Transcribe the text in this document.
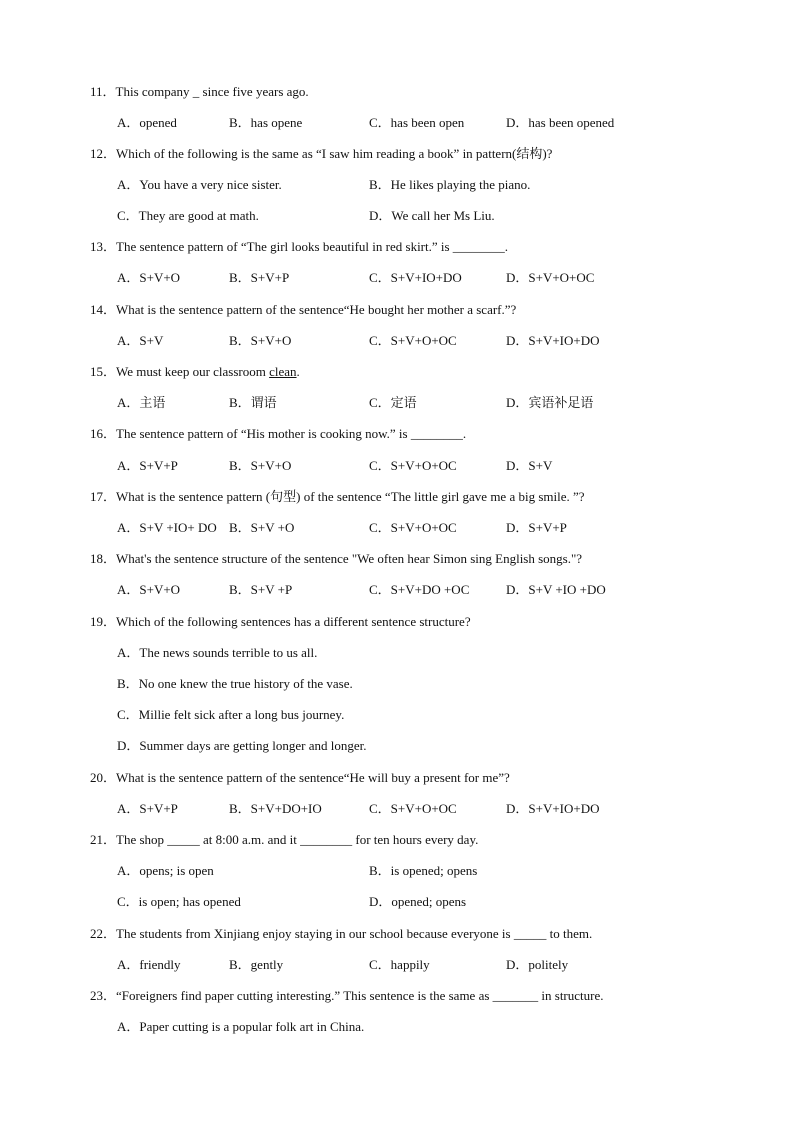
11．This company _ since five years ago.
A．opened	B．has opene	C．has been open	D．has been opened
12．Which of the following is the same as “I saw him reading a book” in pattern(结构)?
A．You have a very nice sister.	B．He likes playing the piano.
C．They are good at math.	D．We call her Ms Liu.
13．The sentence pattern of “The girl looks beautiful in red skirt.” is ________.
A．S+V+O	B．S+V+P	C．S+V+IO+DO	D．S+V+O+OC
14．What is the sentence pattern of the sentence“He bought her mother a scarf.”?
A．S+V	B．S+V+O	C．S+V+O+OC	D．S+V+IO+DO
15．We must keep our classroom clean.
A．主语	B．谓语	C．定语	D．宾语补足语
16．The sentence pattern of “His mother is cooking now.” is ________.
A．S+V+P	B．S+V+O	C．S+V+O+OC	D．S+V
17．What is the sentence pattern (句型) of the sentence “The little girl gave me a big smile. ”?
A．S+V +IO+ DO B．S+V +O	C．S+V+O+OC	D．S+V+P
18．What's the sentence structure of the sentence "We often hear Simon sing English songs."?
A．S+V+O	B．S+V +P	C．S+V+DO +OC	D．S+V +IO +DO
19．Which of the following sentences has a different sentence structure?
A．The news sounds terrible to us all.
B．No one knew the true history of the vase.
C．Millie felt sick after a long bus journey.
D．Summer days are getting longer and longer.
20．What is the sentence pattern of the sentence“He will buy a present for me”?
A．S+V+P	B．S+V+DO+IO	C．S+V+O+OC	D．S+V+IO+DO
21．The shop _____ at 8:00 a.m. and it ________ for ten hours every day.
A．opens; is open	B．is opened; opens
C．is open; has opened	D．opened; opens
22．The students from Xinjiang enjoy staying in our school because everyone is _____ to them.
A．friendly	B．gently	C．happily	D．politely
23．“Foreigners find paper cutting interesting.” This sentence is the same as _______ in structure.
A．Paper cutting is a popular folk art in China.
